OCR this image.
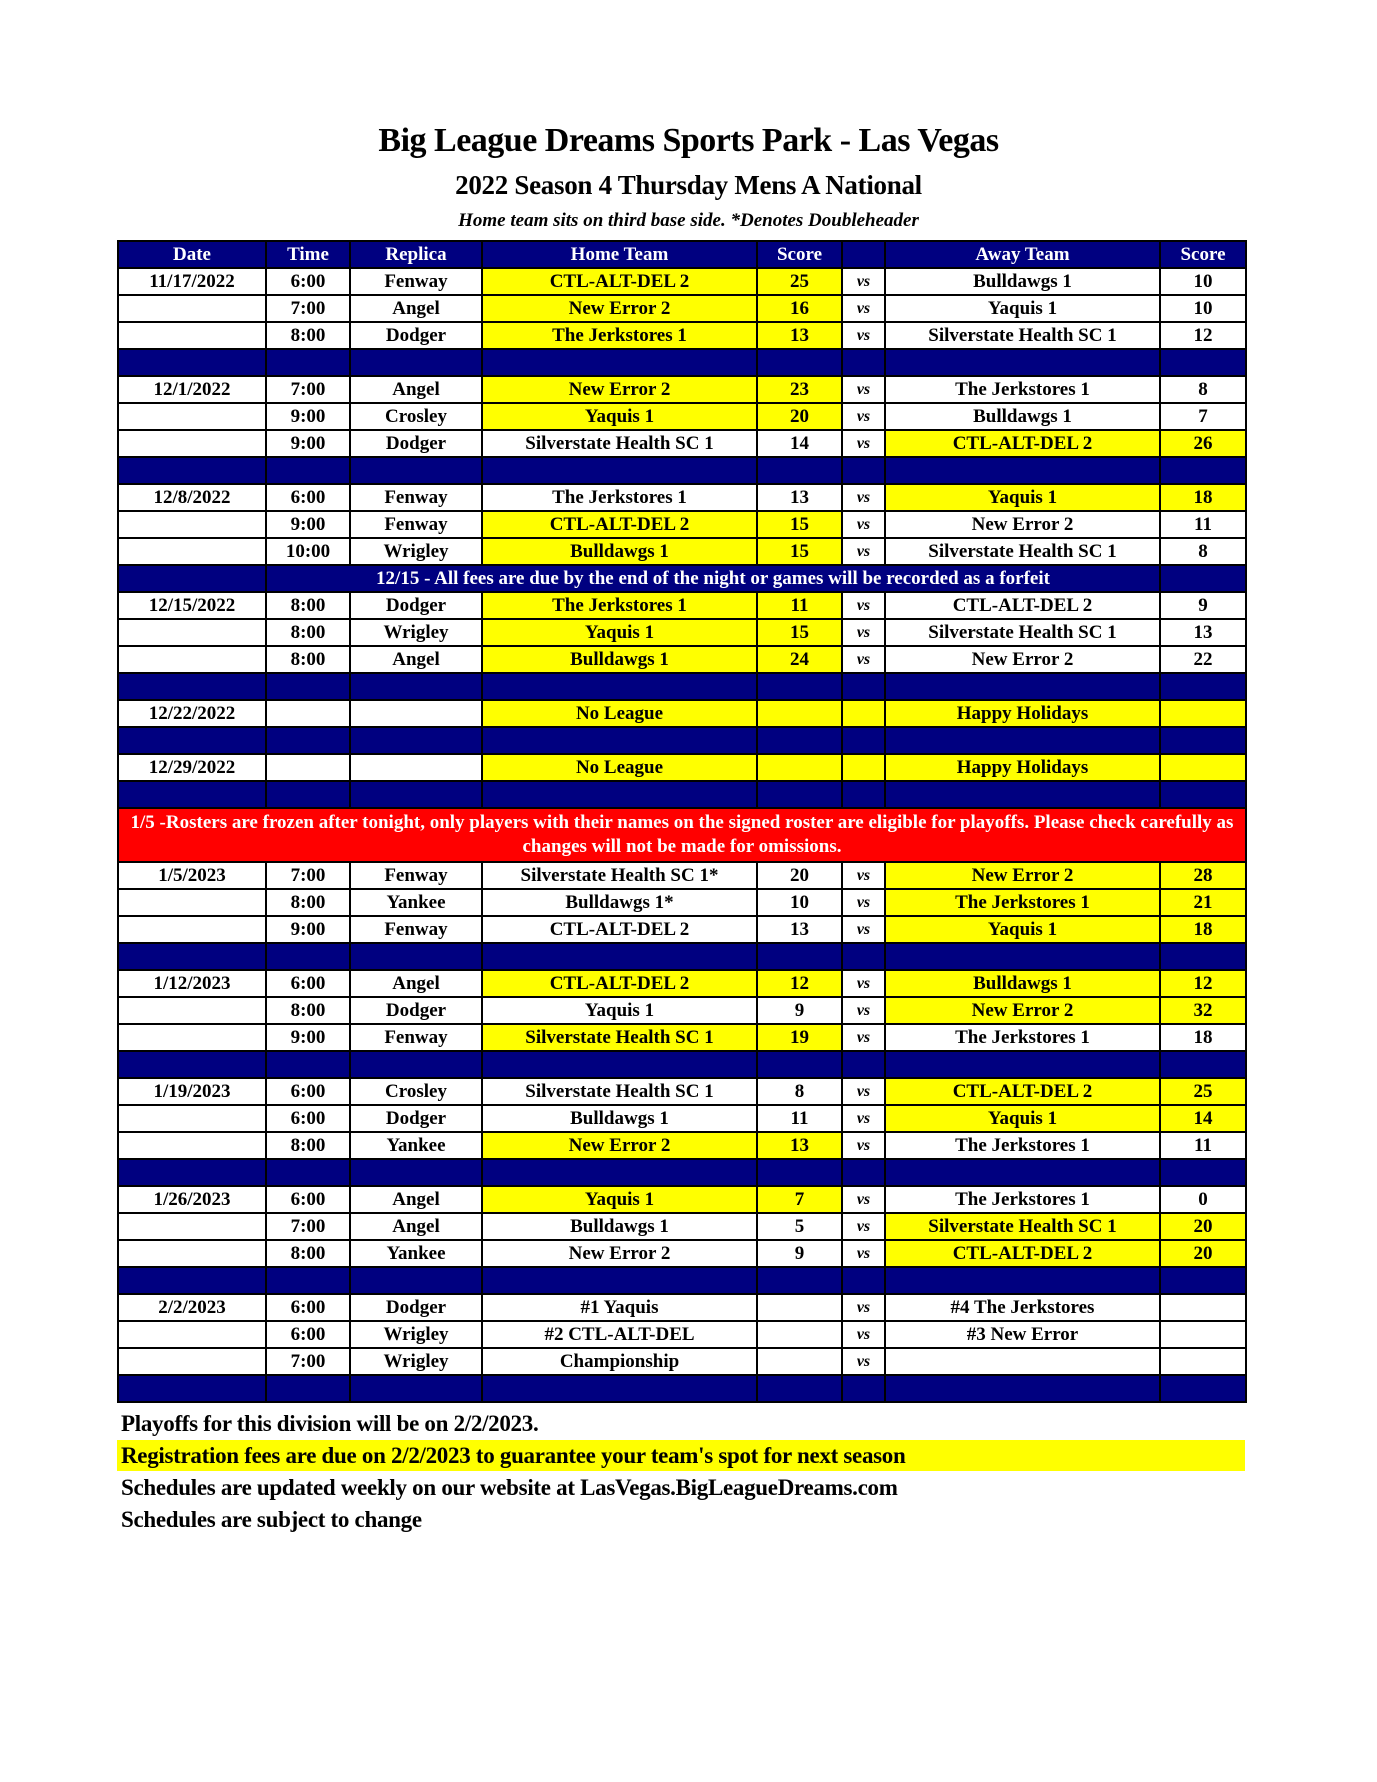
Big League Dreams Sports Park - Las Vegas
2022 Season 4 Thursday Mens A National
Home team sits on third base side. *Denotes Doubleheader
Date	Time	Replica	Home Team	Score		Away Team	Score
11/17/2022	6:00	Fenway	CTL-ALT-DEL 2	25	vs	Bulldawgs 1	10
	7:00	Angel	New Error 2	16	vs	Yaquis 1	10
	8:00	Dodger	The Jerkstores 1	13	vs	Silverstate Health SC 1	12

12/1/2022	7:00	Angel	New Error 2	23	vs	The Jerkstores 1	8
	9:00	Crosley	Yaquis 1	20	vs	Bulldawgs 1	7
	9:00	Dodger	Silverstate Health SC 1	14	vs	CTL-ALT-DEL 2	26

12/8/2022	6:00	Fenway	The Jerkstores 1	13	vs	Yaquis 1	18
	9:00	Fenway	CTL-ALT-DEL 2	15	vs	New Error 2	11
	10:00	Wrigley	Bulldawgs 1	15	vs	Silverstate Health SC 1	8
	12/15 - All fees are due by the end of the night or games will be recorded as a forfeit						
12/15/2022	8:00	Dodger	The Jerkstores 1	11	vs	CTL-ALT-DEL 2	9
	8:00	Wrigley	Yaquis 1	15	vs	Silverstate Health SC 1	13
	8:00	Angel	Bulldawgs 1	24	vs	New Error 2	22

12/22/2022			No League			Happy Holidays	

12/29/2022			No League			Happy Holidays	

1/5 -Rosters are frozen after tonight, only players with their names on the signed roster are eligible for playoffs. Please check carefully as changes will not be made for omissions.							
1/5/2023	7:00	Fenway	Silverstate Health SC 1*	20	vs	New Error 2	28
	8:00	Yankee	Bulldawgs 1*	10	vs	The Jerkstores 1	21
	9:00	Fenway	CTL-ALT-DEL 2	13	vs	Yaquis 1	18

1/12/2023	6:00	Angel	CTL-ALT-DEL 2	12	vs	Bulldawgs 1	12
	8:00	Dodger	Yaquis 1	9	vs	New Error 2	32
	9:00	Fenway	Silverstate Health SC 1	19	vs	The Jerkstores 1	18

1/19/2023	6:00	Crosley	Silverstate Health SC 1	8	vs	CTL-ALT-DEL 2	25
	6:00	Dodger	Bulldawgs 1	11	vs	Yaquis 1	14
	8:00	Yankee	New Error 2	13	vs	The Jerkstores 1	11

1/26/2023	6:00	Angel	Yaquis 1	7	vs	The Jerkstores 1	0
	7:00	Angel	Bulldawgs 1	5	vs	Silverstate Health SC 1	20
	8:00	Yankee	New Error 2	9	vs	CTL-ALT-DEL 2	20

2/2/2023	6:00	Dodger	#1 Yaquis		vs	#4 The Jerkstores	
	6:00	Wrigley	#2 CTL-ALT-DEL		vs	#3 New Error	
	7:00	Wrigley	Championship		vs		

Playoffs for this division will be on 2/2/2023.
Registration fees are due on 2/2/2023 to guarantee your team's spot for next season
Schedules are updated weekly on our website at LasVegas.BigLeagueDreams.com
Schedules are subject to change
